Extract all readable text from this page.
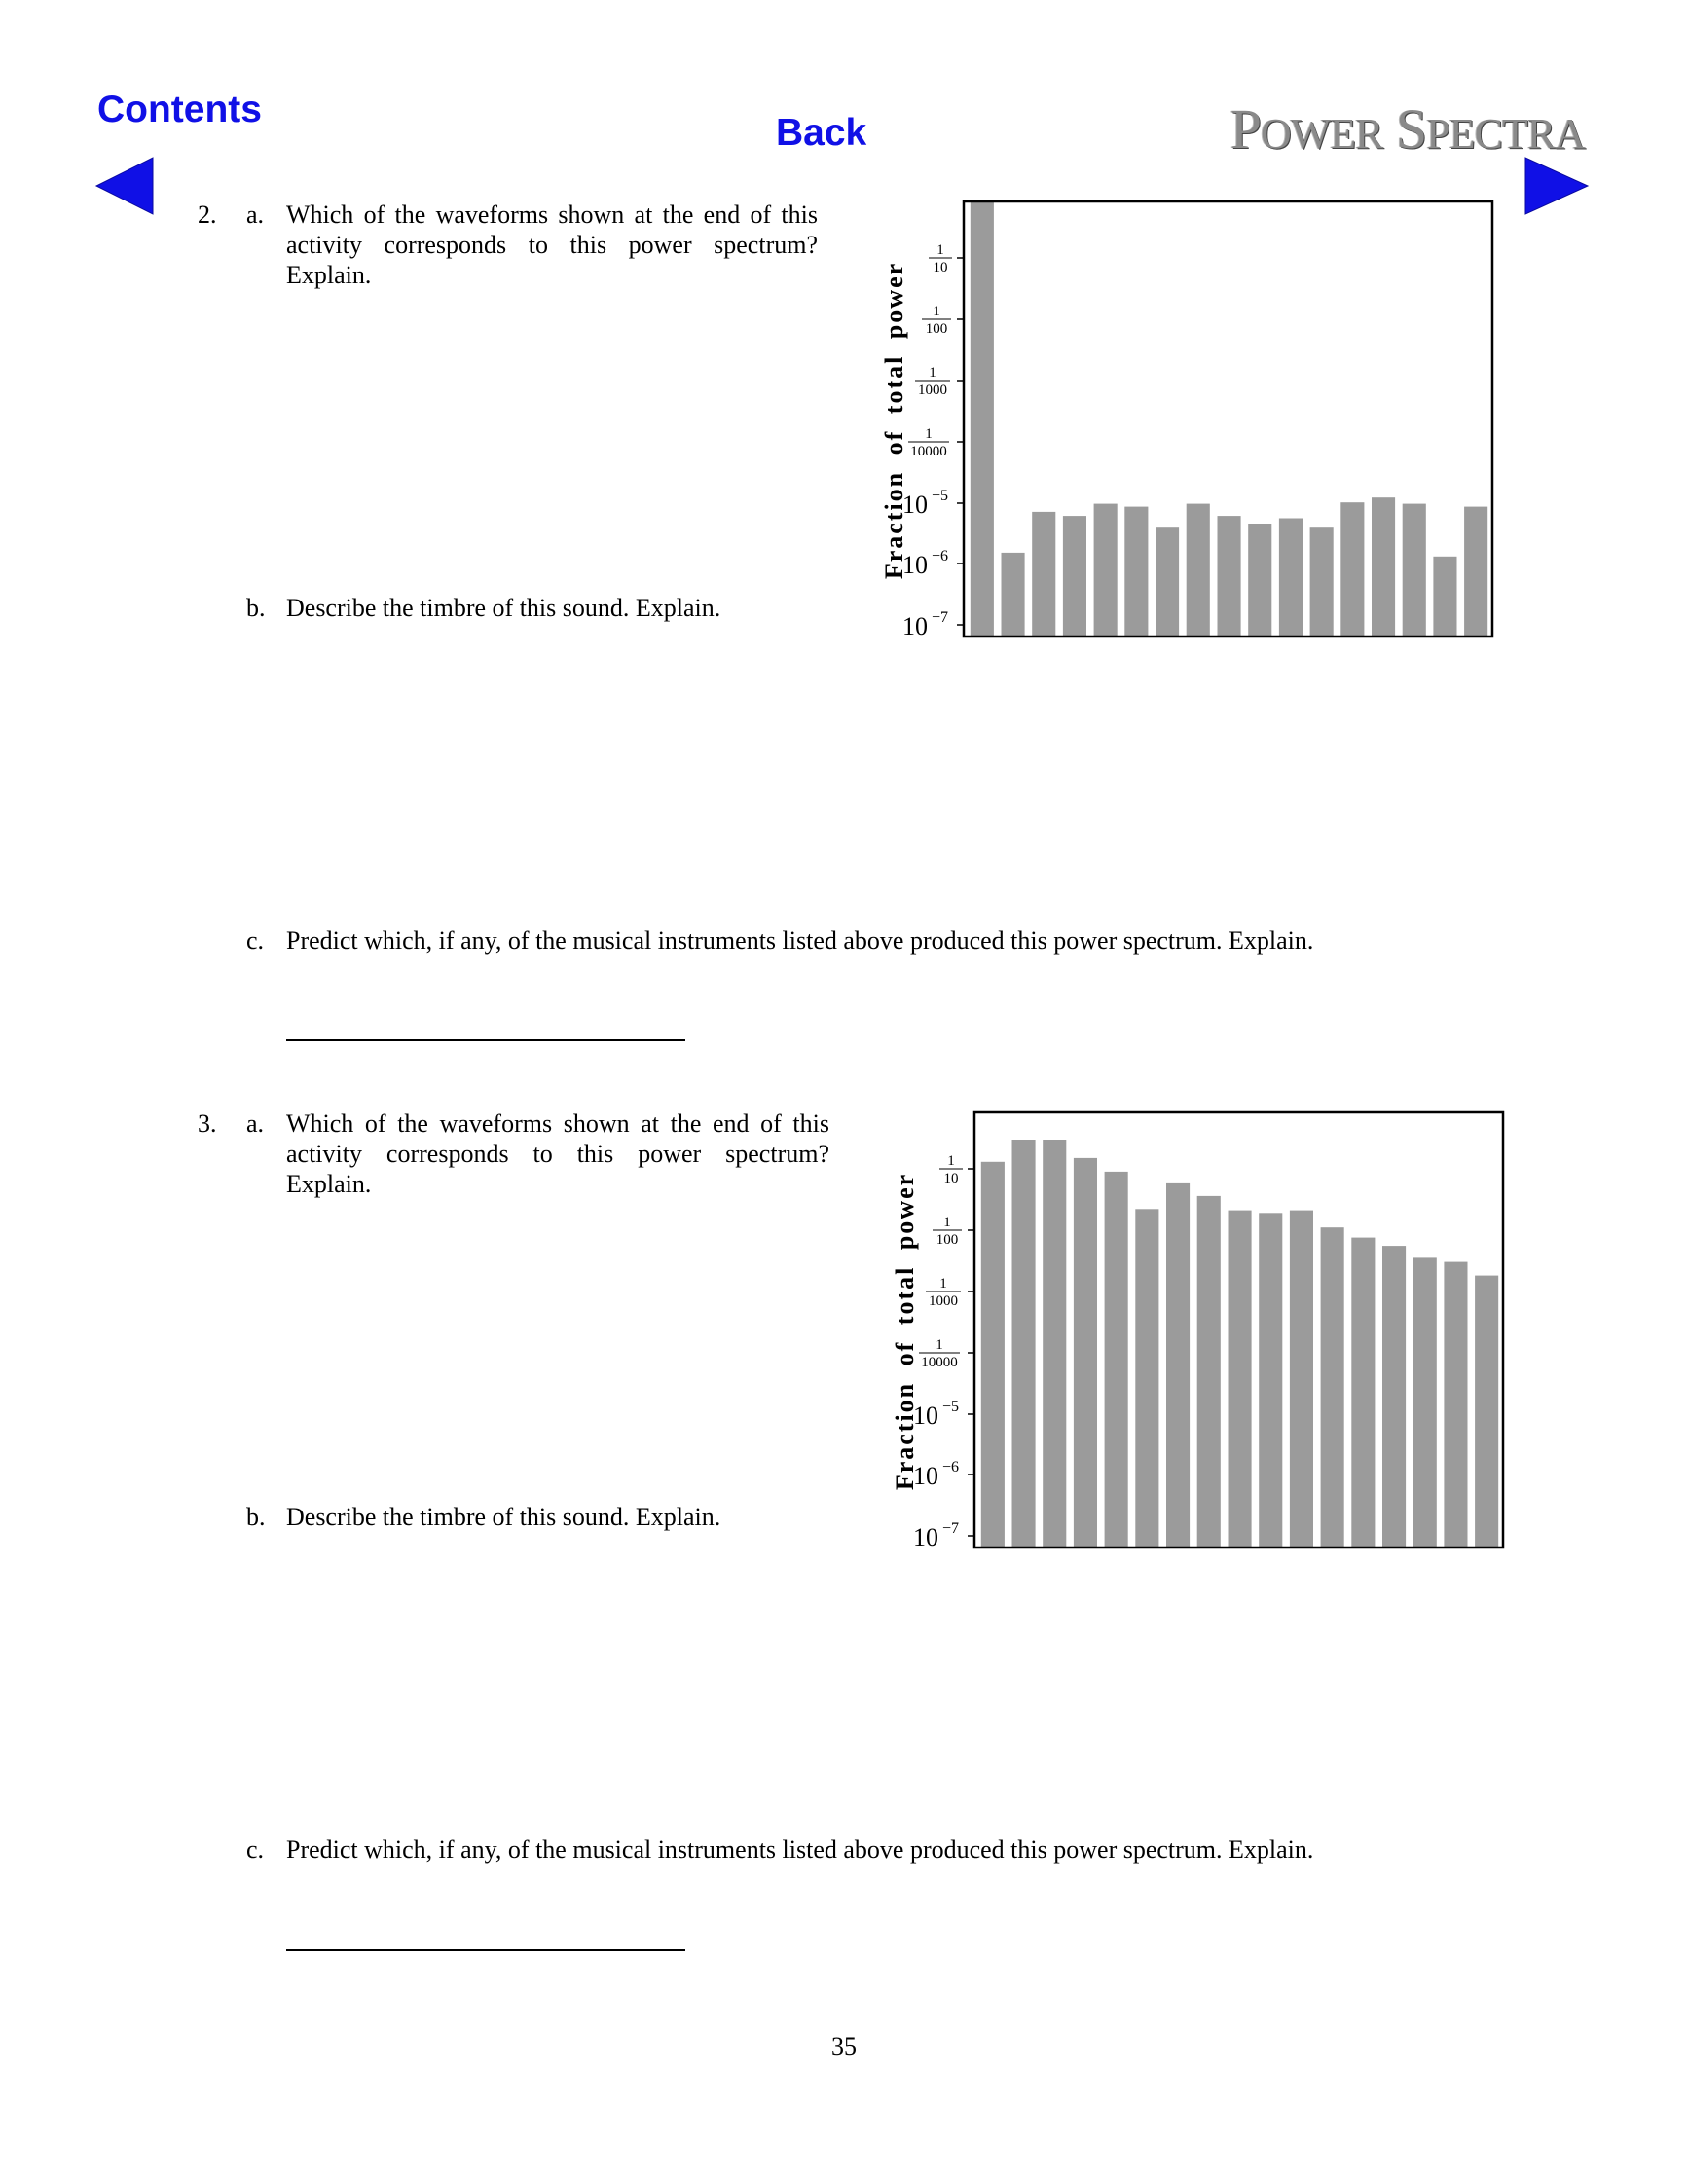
Contents
Back	POWER SPECTRA
2. a. Which of the waveforms shown at the end of this activity corresponds to this power spectrum? Explain.
b. Describe the timbre of this sound. Explain.
c. Predict which, if any, of the musical instruments listed above produced this power spectrum. Explain.
Fraction of total power
1
10
1
100
1
1000
1
10000
10 −5
10 −6
10 −7
3. a. Which of the waveforms shown at the end of this activity corresponds to this power spectrum? Explain.
b. Describe the timbre of this sound. Explain.
c. Predict which, if any, of the musical instruments listed above produced this power spectrum. Explain.
Fraction of total power
1
10
1
100
1
1000
1
10000
10 −5
10 −6
10 −7
35
